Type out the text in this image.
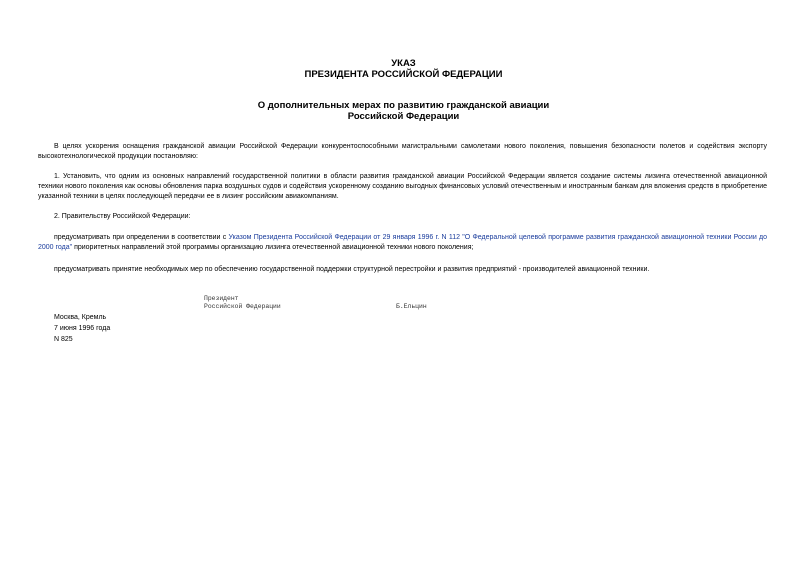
УКАЗ
ПРЕЗИДЕНТА РОССИЙСКОЙ ФЕДЕРАЦИИ
О дополнительных мерах по развитию гражданской авиации
Российской Федерации

В целях ускорения оснащения гражданской авиации Российской Федерации конкурентоспособными магистральными самолетами нового поколения, повышения безопасности полетов и содействия экспорту высокотехнологической продукции постановляю:

1. Установить, что одним из основных направлений государственной политики в области развития гражданской авиации Российской Федерации является создание системы лизинга отечественной авиационной техники нового поколения как основы обновления парка воздушных судов и содействия ускоренному созданию выгодных финансовых условий отечественным и иностранным банкам для вложения средств в приобретение указанной техники в целях последующей передачи ее в лизинг российским авиакомпаниям.

2. Правительству Российской Федерации:

предусматривать при определении в соответствии с Указом Президента Российской Федерации от 29 января 1996 г. N 112 "О Федеральной целевой программе развития гражданской авиационной техники России до 2000 года" приоритетных направлений этой программы организацию лизинга отечественной авиационной техники нового поколения;

предусматривать принятие необходимых мер по обеспечению государственной поддержки структурной перестройки и развития предприятий - производителей авиационной техники.

Президент
Российской Федерации	Б.Ельцин
Москва, Кремль
7 июня 1996 года
N 825
